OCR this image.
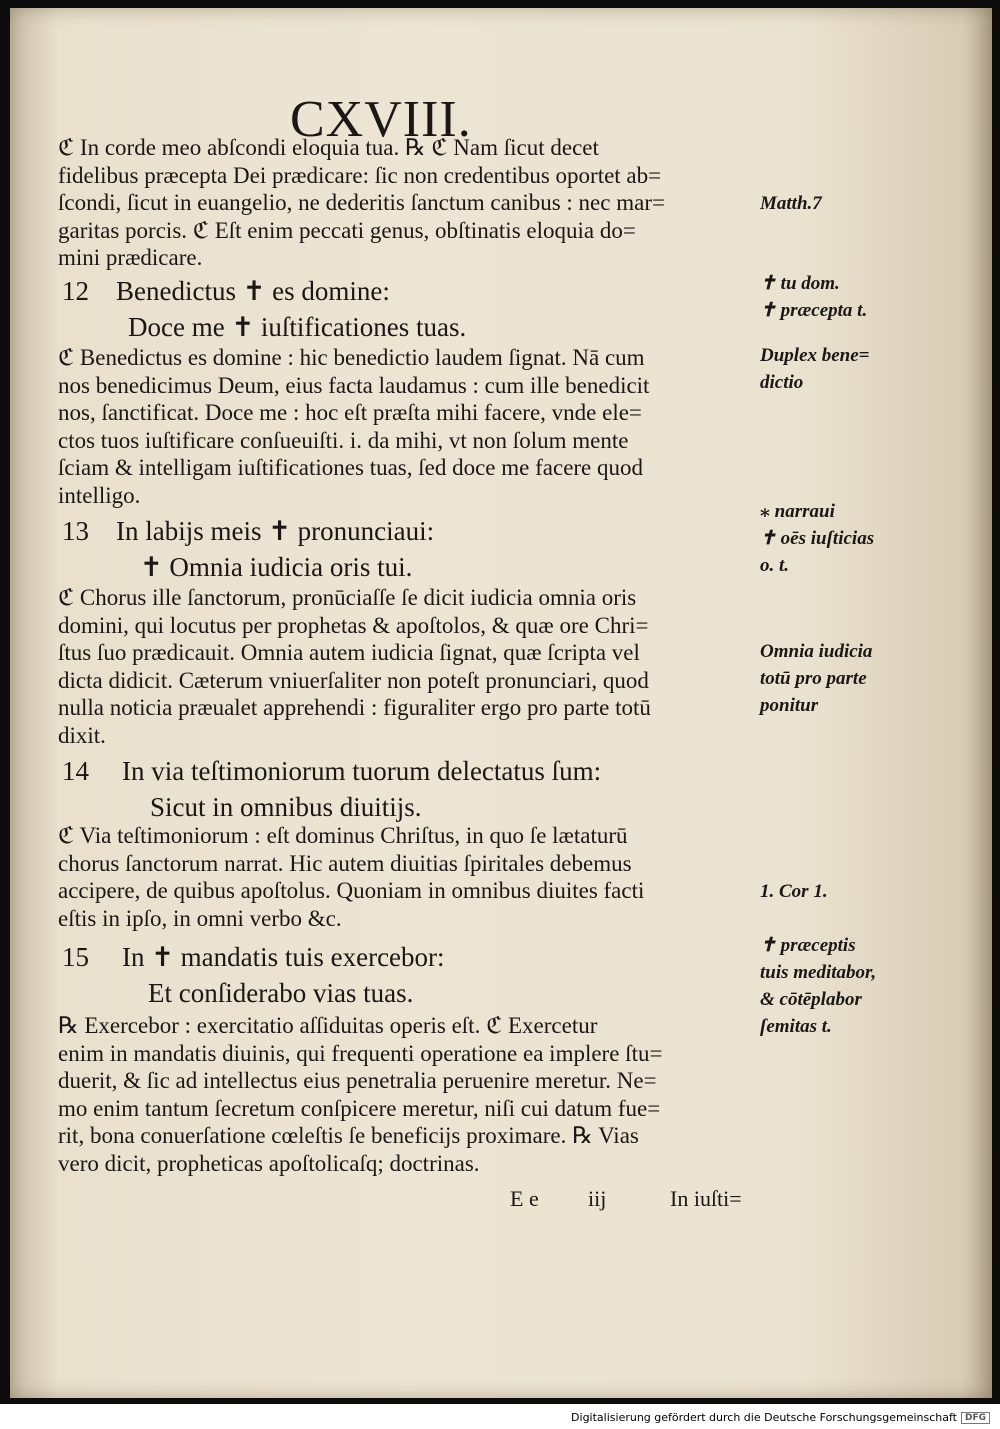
CXVIII.
ℭ In corde meo abſcondi eloquia tua. ℞ ℭ Nam ſicut decet
fidelibus præcepta Dei prædicare: ſic non credentibus oportet ab=
ſcondi, ſicut in euangelio, ne dederitis ſanctum canibus : nec mar=
garitas porcis. ℭ Eſt enim peccati genus, obſtinatis eloquia do=
mini prædicare.
12 Benedictus ✝ es domine:
Doce me ✝ iuſtificationes tuas.
ℭ Benedictus es domine : hic benedictio laudem ſignat. Nā cum
nos benedicimus Deum, eius facta laudamus : cum ille benedicit
nos, ſanctificat. Doce me : hoc eſt præſta mihi facere, vnde ele=
ctos tuos iuſtificare conſueuiſti. i. da mihi, vt non ſolum mente
ſciam & intelligam iuſtificationes tuas, ſed doce me facere quod
intelligo.
13 In labijs meis ✝ pronunciaui:
✝ Omnia iudicia oris tui.
ℭ Chorus ille ſanctorum, pronūciaſſe ſe dicit iudicia omnia oris
domini, qui locutus per prophetas & apoſtolos, & quæ ore Chri=
ſtus ſuo prædicauit. Omnia autem iudicia ſignat, quæ ſcripta vel
dicta didicit. Cæterum vniuerſaliter non poteſt pronunciari, quod
nulla noticia præualet apprehendi : figuraliter ergo pro parte totū
dixit.
14 In via teſtimoniorum tuorum delectatus ſum:
Sicut in omnibus diuitijs.
ℭ Via teſtimoniorum : eſt dominus Chriſtus, in quo ſe lætaturū
chorus ſanctorum narrat. Hic autem diuitias ſpiritales debemus
accipere, de quibus apoſtolus. Quoniam in omnibus diuites facti
eſtis in ipſo, in omni verbo &c.
15 In ✝ mandatis tuis exercebor:
Et conſiderabo vias tuas.
℞ Exercebor : exercitatio aſſiduitas operis eſt. ℭ Exercetur
enim in mandatis diuinis, qui frequenti operatione ea implere ſtu=
duerit, & ſic ad intellectus eius penetralia peruenire meretur. Ne=
mo enim tantum ſecretum conſpicere meretur, niſi cui datum fue=
rit, bona conuerſatione cœleſtis ſe beneficijs proximare. ℞ Vias
vero dicit, propheticas apoſtolicaſq; doctrinas.
E e iij	In iuſti=
Matth.7
✝ tu dom.
✝ præcepta t.
Duplex bene=
dictio
⁎ narraui
✝ oēs iuſticias
o. t.
Omnia iudicia
totū pro parte
ponitur
1. Cor 1.
✝ præceptis
tuis meditabor,
& cōtēplabor
ſemitas t.
Digitalisierung gefördert durch die Deutsche Forschungsgemeinschaft DFG
